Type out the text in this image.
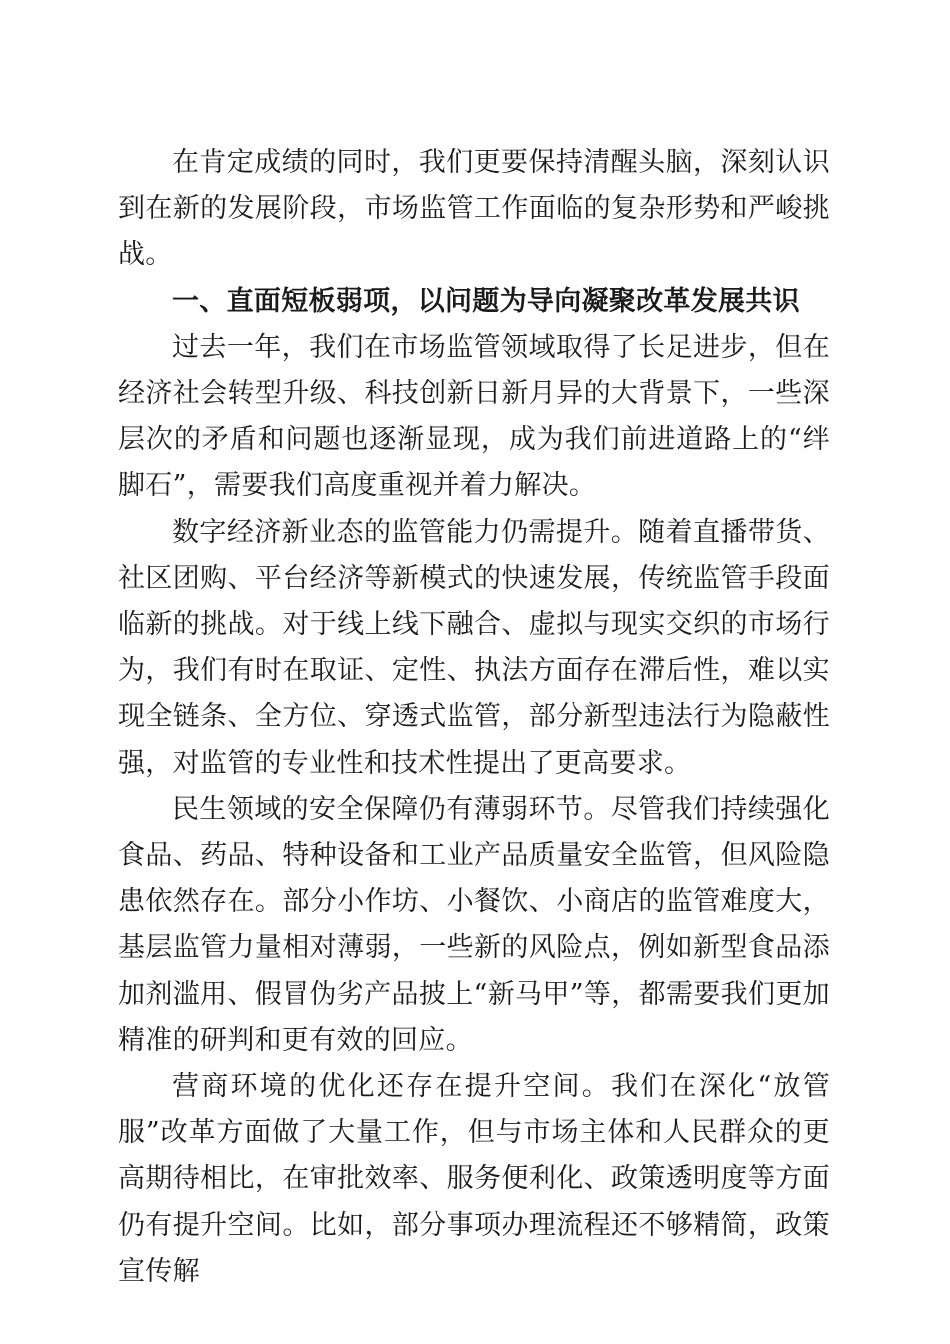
在肯定成绩的同时，我们更要保持清醒头脑，深刻认识到在新的发展阶段，市场监管工作面临的复杂形势和严峻挑战。

一、直面短板弱项，以问题为导向凝聚改革发展共识

过去一年，我们在市场监管领域取得了长足进步，但在经济社会转型升级、科技创新日新月异的大背景下，一些深层次的矛盾和问题也逐渐显现，成为我们前进道路上的“绊脚石”，需要我们高度重视并着力解决。

数字经济新业态的监管能力仍需提升。随着直播带货、社区团购、平台经济等新模式的快速发展，传统监管手段面临新的挑战。对于线上线下融合、虚拟与现实交织的市场行为，我们有时在取证、定性、执法方面存在滞后性，难以实现全链条、全方位、穿透式监管，部分新型违法行为隐蔽性强，对监管的专业性和技术性提出了更高要求。

民生领域的安全保障仍有薄弱环节。尽管我们持续强化食品、药品、特种设备和工业产品质量安全监管，但风险隐患依然存在。部分小作坊、小餐饮、小商店的监管难度大，基层监管力量相对薄弱，一些新的风险点，例如新型食品添加剂滥用、假冒伪劣产品披上“新马甲”等，都需要我们更加精准的研判和更有效的回应。

营商环境的优化还存在提升空间。我们在深化“放管服”改革方面做了大量工作，但与市场主体和人民群众的更高期待相比，在审批效率、服务便利化、政策透明度等方面仍有提升空间。比如，部分事项办理流程还不够精简，政策宣传解
